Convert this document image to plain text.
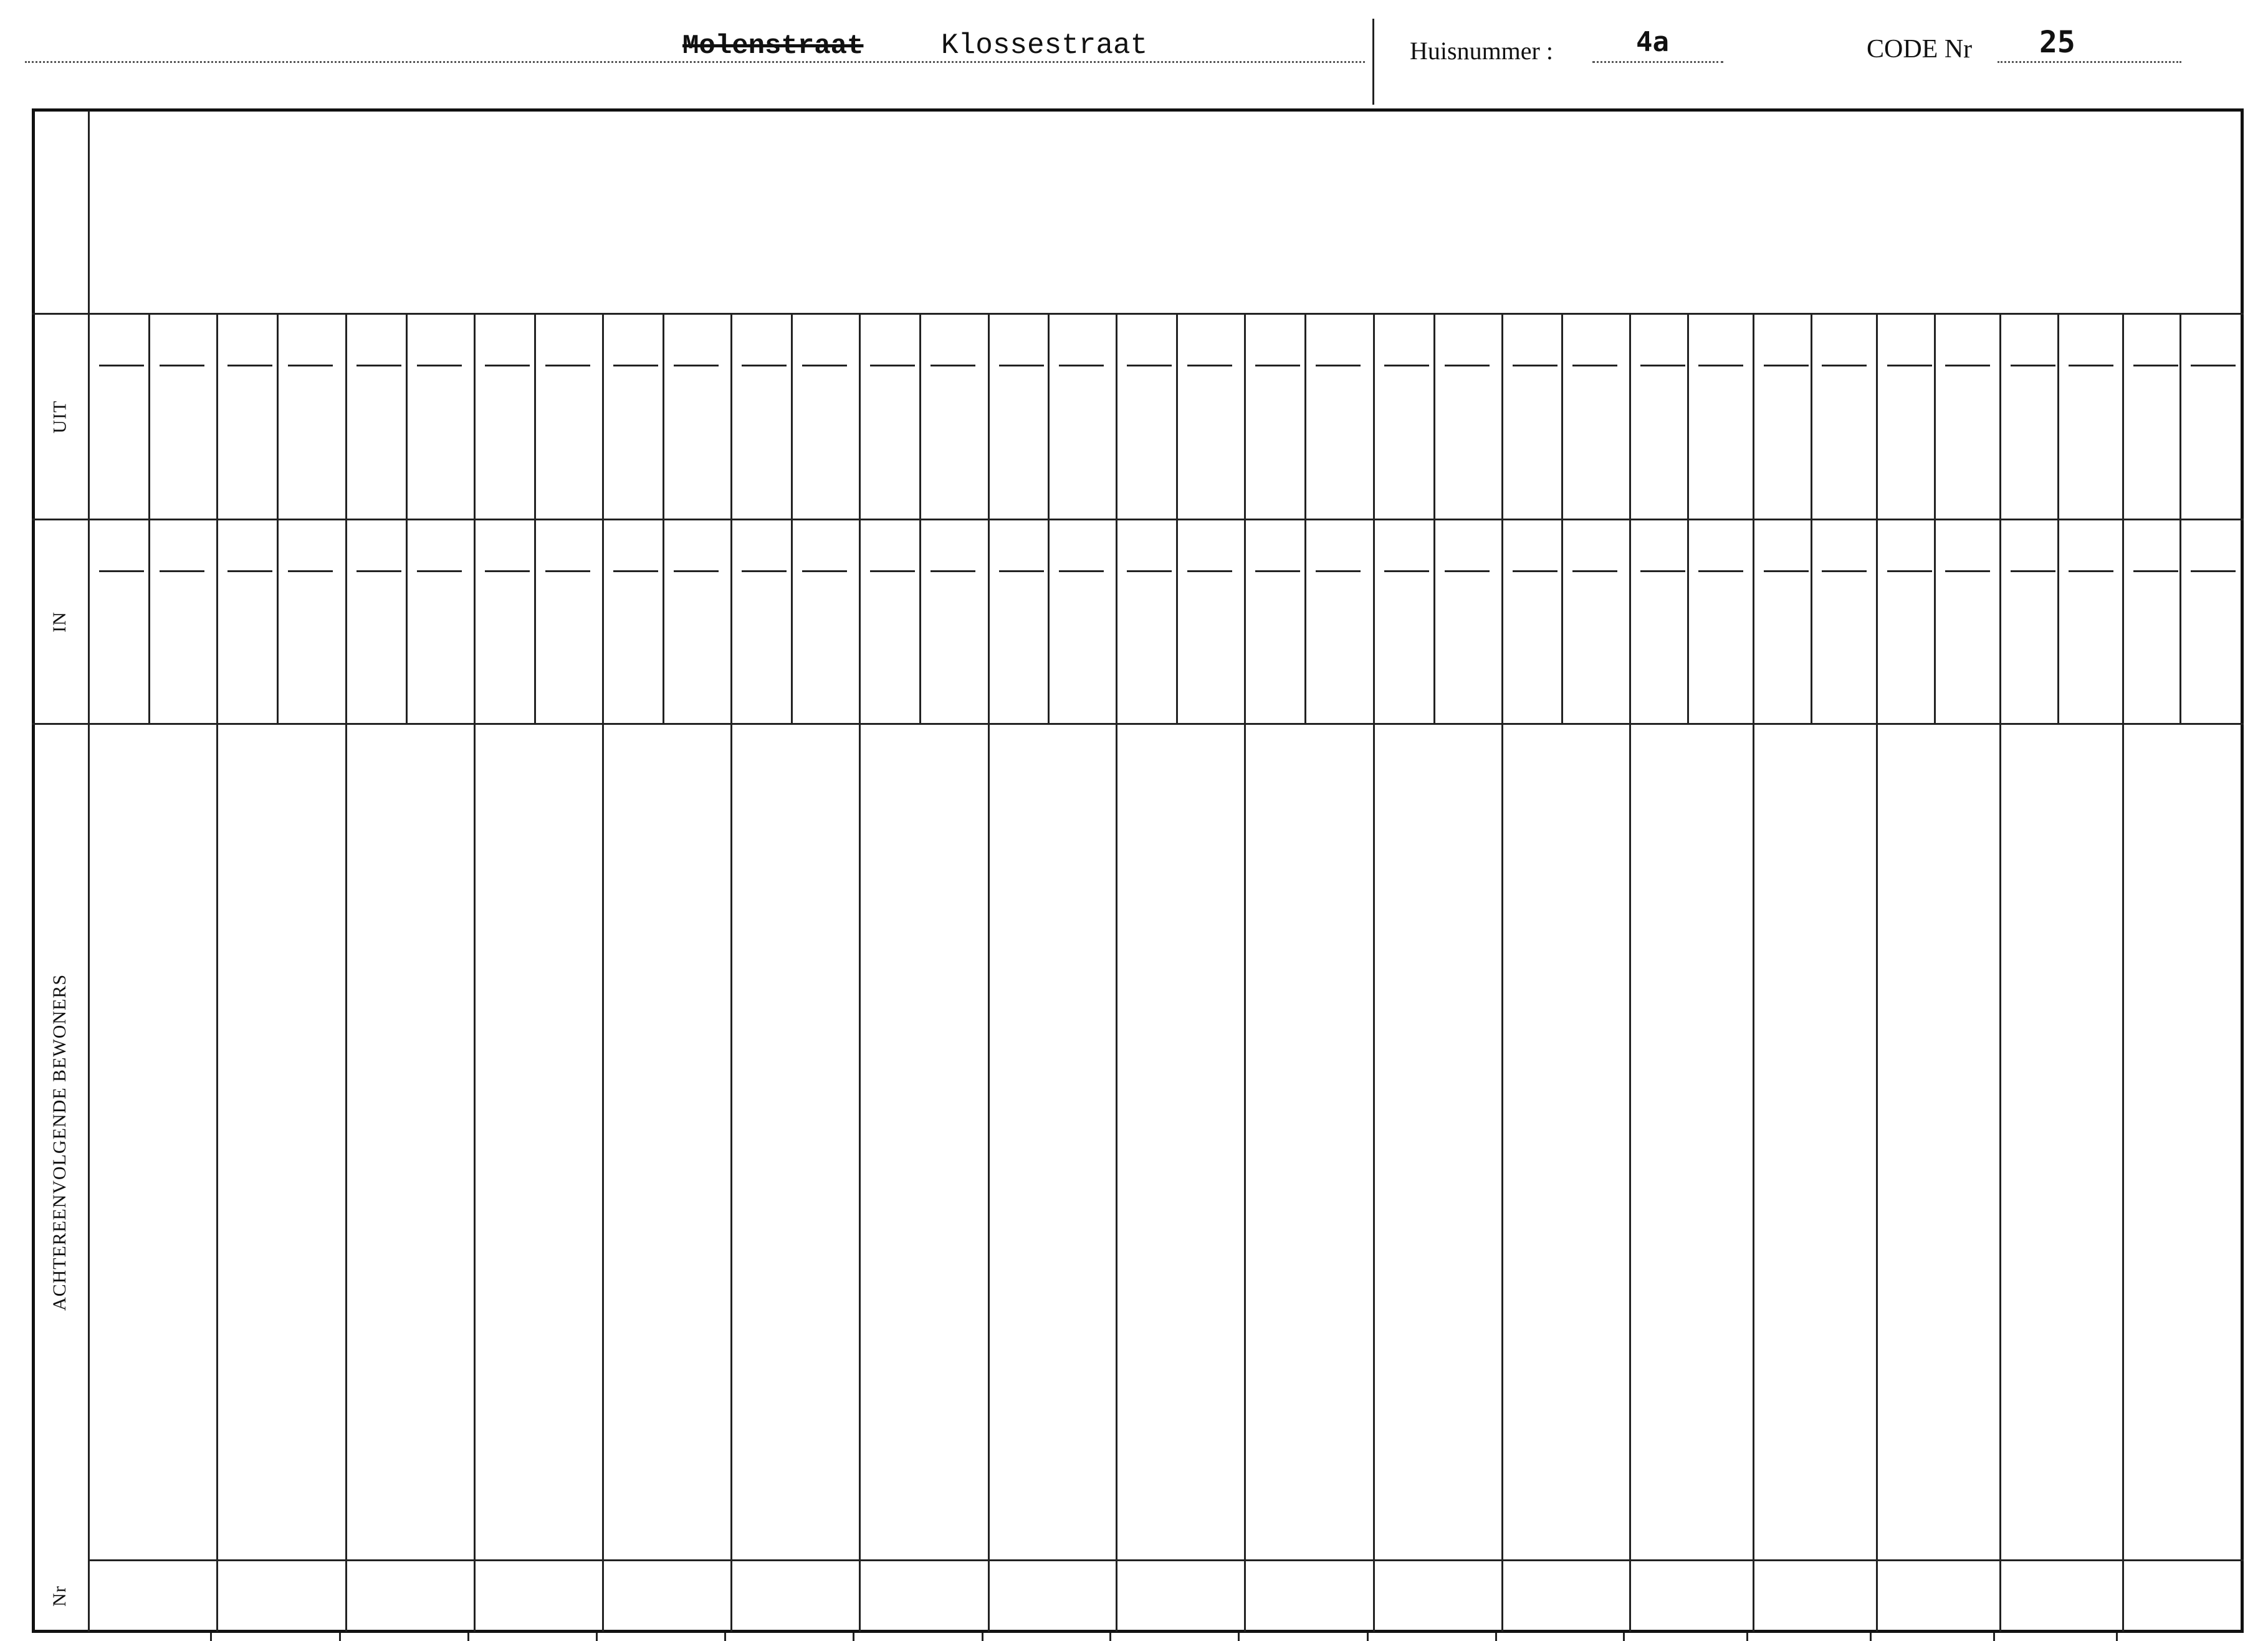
Molenstraat	Klossestraat	Huisnummer :	4a	CODE Nr 25
UIT
IN
ACHTEREENVOLGENDE BEWONERS
Nr
